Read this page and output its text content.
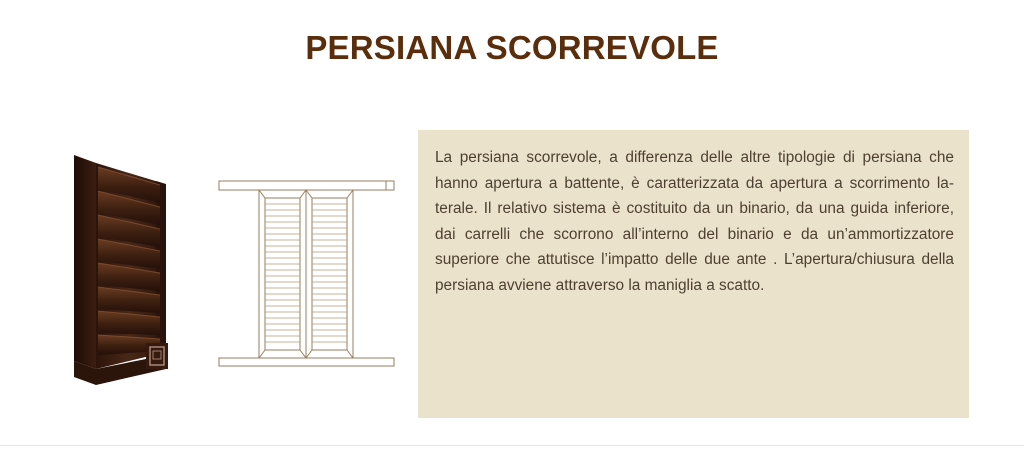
PERSIANA SCORREVOLE

La persiana scorrevole, a differenza delle altre tipologie di persiana che hanno apertura a battente, è caratterizzata da apertura a scorrimento la-terale. Il relativo sistema è costituito da un binario, da una guida inferiore, dai carrelli che scorrono all’interno del binario e da un’ammortizzatore superiore che attutisce l’impatto delle due ante . L’apertura/chiusura della persiana avviene attraverso la maniglia a scatto.
